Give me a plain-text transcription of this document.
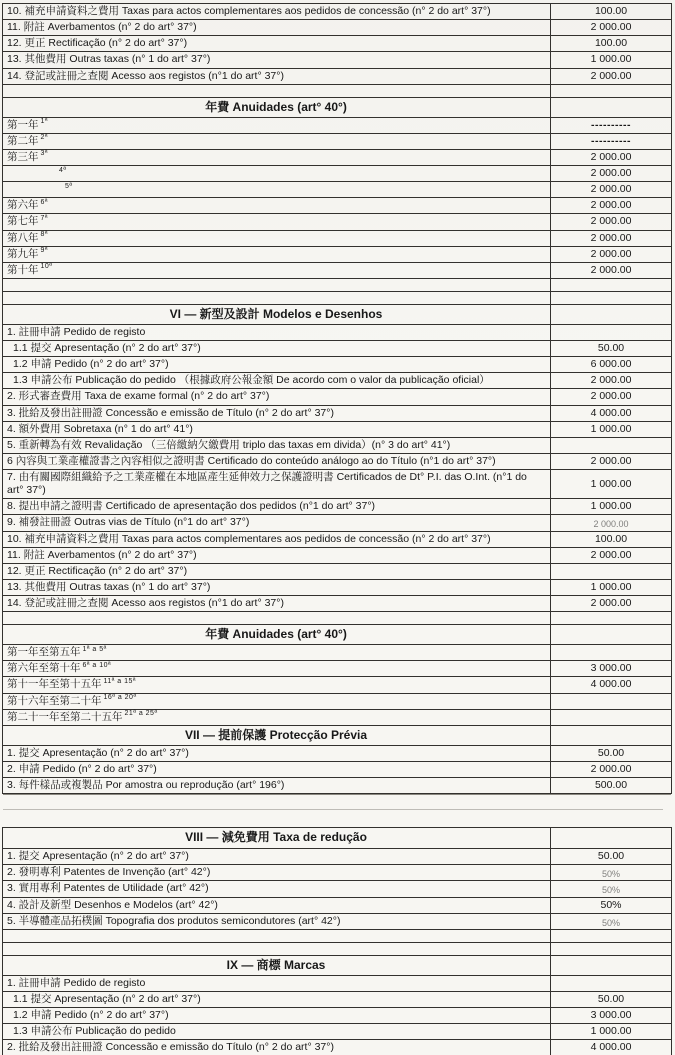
10. 補充申請資料之費用 Taxas para actos complementares aos pedidos de concessão (n° 2 do art° 37°)	100.00
11. 附註 Averbamentos (n° 2 do art° 37°)	2 000.00
12. 更正 Rectificação (n° 2 do art° 37°)	100.00
13. 其他費用 Outras taxas (n° 1 do art° 37°)	1 000.00
14. 登記或註冊之查閱 Acesso aos registos (n°1 do art° 37°)	2 000.00
年費 Anuidades (art° 40°)
第一年 $^{1ª}$	----------
第二年 $^{2ª}$	----------
第三年 $^{3ª}$	2 000.00
$^{4ª}$	2 000.00
$^{5ª}$	2 000.00
第六年 $^{6ª}$	2 000.00
第七年 $^{7ª}$	2 000.00
第八年 $^{8ª}$	2 000.00
第九年 $^{9ª}$	2 000.00
第十年 $^{10ª}$	2 000.00
VI — 新型及設計 Modelos e Desenhos
1. 註冊申請 Pedido de registo
1.1 提交 Apresentação (n° 2 do art° 37°)	50.00
1.2 申請 Pedido (n° 2 do art° 37°)	6 000.00
1.3 申請公布 Publicação do pedido （根據政府公報金額 De acordo com o valor da publicação oficial）	2 000.00
2. 形式審查費用 Taxa de exame formal (n° 2 do art° 37°)	2 000.00
3. 批給及發出註冊證 Concessão e emissão de Título (n° 2 do art° 37°)	4 000.00
4. 額外費用 Sobretaxa (n° 1 do art° 41°)	1 000.00
5. 重新轉為有效 Revalidação （三倍繳納欠繳費用 triplo das taxas em divida）(n° 3 do art° 41°)
6 內容與工業產權證書之內容相似之證明書 Certificado do conteúdo análogo ao do Título (n°1 do art° 37°)	2 000.00
7. 由有關國際組織給予之工業產權在本地區產生延伸效力之保護證明書 Certificados de Dt° P.I. das O.Int. (n°1 do art° 37°)
1 000.00
8. 提出申請之證明書 Certificado de apresentação dos pedidos (n°1 do art° 37°)	1 000.00
9. 補發註冊證 Outras vias de Título (n°1 do art° 37°)	2 000.00
10. 補充申請資料之費用 Taxas para actos complementares aos pedidos de concessão (n° 2 do art° 37°)	100.00
11. 附註 Averbamentos (n° 2 do art° 37°)	2 000.00
12. 更正 Rectificação (n° 2 do art° 37°)
13. 其他費用 Outras taxas (n° 1 do art° 37°)	1 000.00
14. 登記或註冊之查閱 Acesso aos registos (n°1 do art° 37°)	2 000.00
年費 Anuidades (art° 40°)
第一年至第五年 $^{1ª a 5ª}$
第六年至第十年 $^{6ª a 10ª}$	3 000.00
第十一年至第十五年 $^{11ª a 15ª}$	4 000.00
第十六年至第二十年 $^{16ª a 20ª}$
第二十一年至第二十五年 $^{21ª a 25ª}$
VII — 提前保護 Protecção Prévia
1. 提交 Apresentação (n° 2 do art° 37°)	50.00
2. 申請 Pedido (n° 2 do art° 37°)	2 000.00
3. 每件樣品或複製品 Por amostra ou reprodução (art° 196°)	500.00
VIII — 減免費用 Taxa de redução
1. 提交 Apresentação (n° 2 do art° 37°)	50.00
2. 發明專利 Patentes de Invenção (art° 42°)	50%
3. 實用專利 Patentes de Utilidade (art° 42°)	50%
4. 設計及新型 Desenhos e Modelos (art° 42°)	50%
5. 半導體產品拓樸圖 Topografia dos produtos semicondutores (art° 42°)	50%
IX — 商標 Marcas
1. 註冊申請 Pedido de registo
1.1 提交 Apresentação (n° 2 do art° 37°)	50.00
1.2 申請 Pedido (n° 2 do art° 37°)	3 000.00
1.3 申請公布 Publicação do pedido	1 000.00
2. 批給及發出註冊證 Concessão e emissão do Título (n° 2 do art° 37°)	4 000.00
